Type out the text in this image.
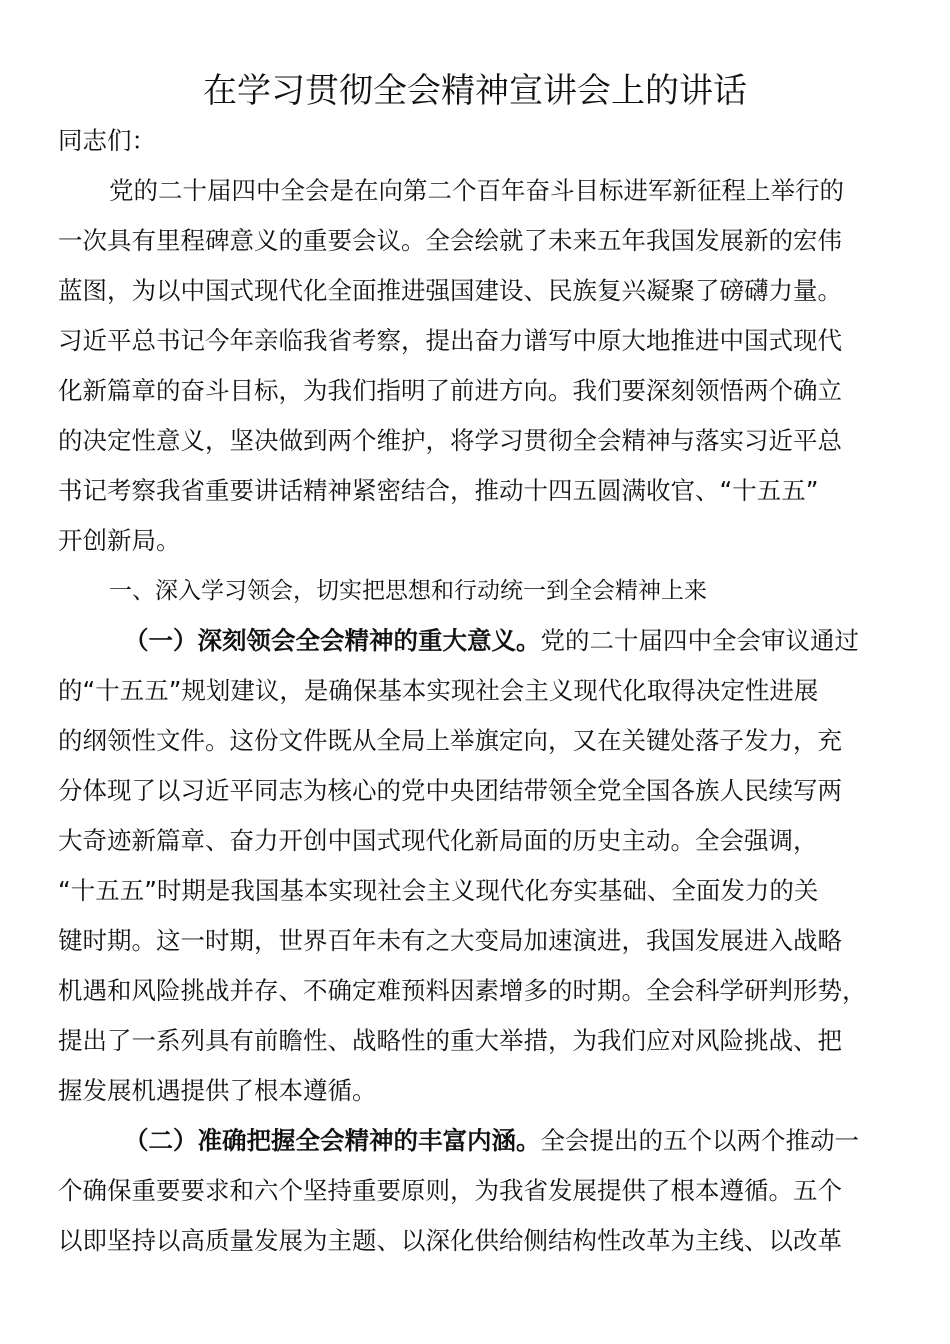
在学习贯彻全会精神宣讲会上的讲话
同志们：
党的二十届四中全会是在向第二个百年奋斗目标进军新征程上举行的
一次具有里程碑意义的重要会议。全会绘就了未来五年我国发展新的宏伟
蓝图，为以中国式现代化全面推进强国建设、民族复兴凝聚了磅礴力量。
习近平总书记今年亲临我省考察，提出奋力谱写中原大地推进中国式现代
化新篇章的奋斗目标，为我们指明了前进方向。我们要深刻领悟两个确立
的决定性意义，坚决做到两个维护，将学习贯彻全会精神与落实习近平总
书记考察我省重要讲话精神紧密结合，推动十四五圆满收官、“十五五”
开创新局。
一、深入学习领会，切实把思想和行动统一到全会精神上来
（一）深刻领会全会精神的重大意义。党的二十届四中全会审议通过
的“十五五”规划建议，是确保基本实现社会主义现代化取得决定性进展
的纲领性文件。这份文件既从全局上举旗定向，又在关键处落子发力，充
分体现了以习近平同志为核心的党中央团结带领全党全国各族人民续写两
大奇迹新篇章、奋力开创中国式现代化新局面的历史主动。全会强调，
“十五五”时期是我国基本实现社会主义现代化夯实基础、全面发力的关
键时期。这一时期，世界百年未有之大变局加速演进，我国发展进入战略
机遇和风险挑战并存、不确定难预料因素增多的时期。全会科学研判形势，
提出了一系列具有前瞻性、战略性的重大举措，为我们应对风险挑战、把
握发展机遇提供了根本遵循。
（二）准确把握全会精神的丰富内涵。全会提出的五个以两个推动一
个确保重要要求和六个坚持重要原则，为我省发展提供了根本遵循。五个
以即坚持以高质量发展为主题、以深化供给侧结构性改革为主线、以改革
